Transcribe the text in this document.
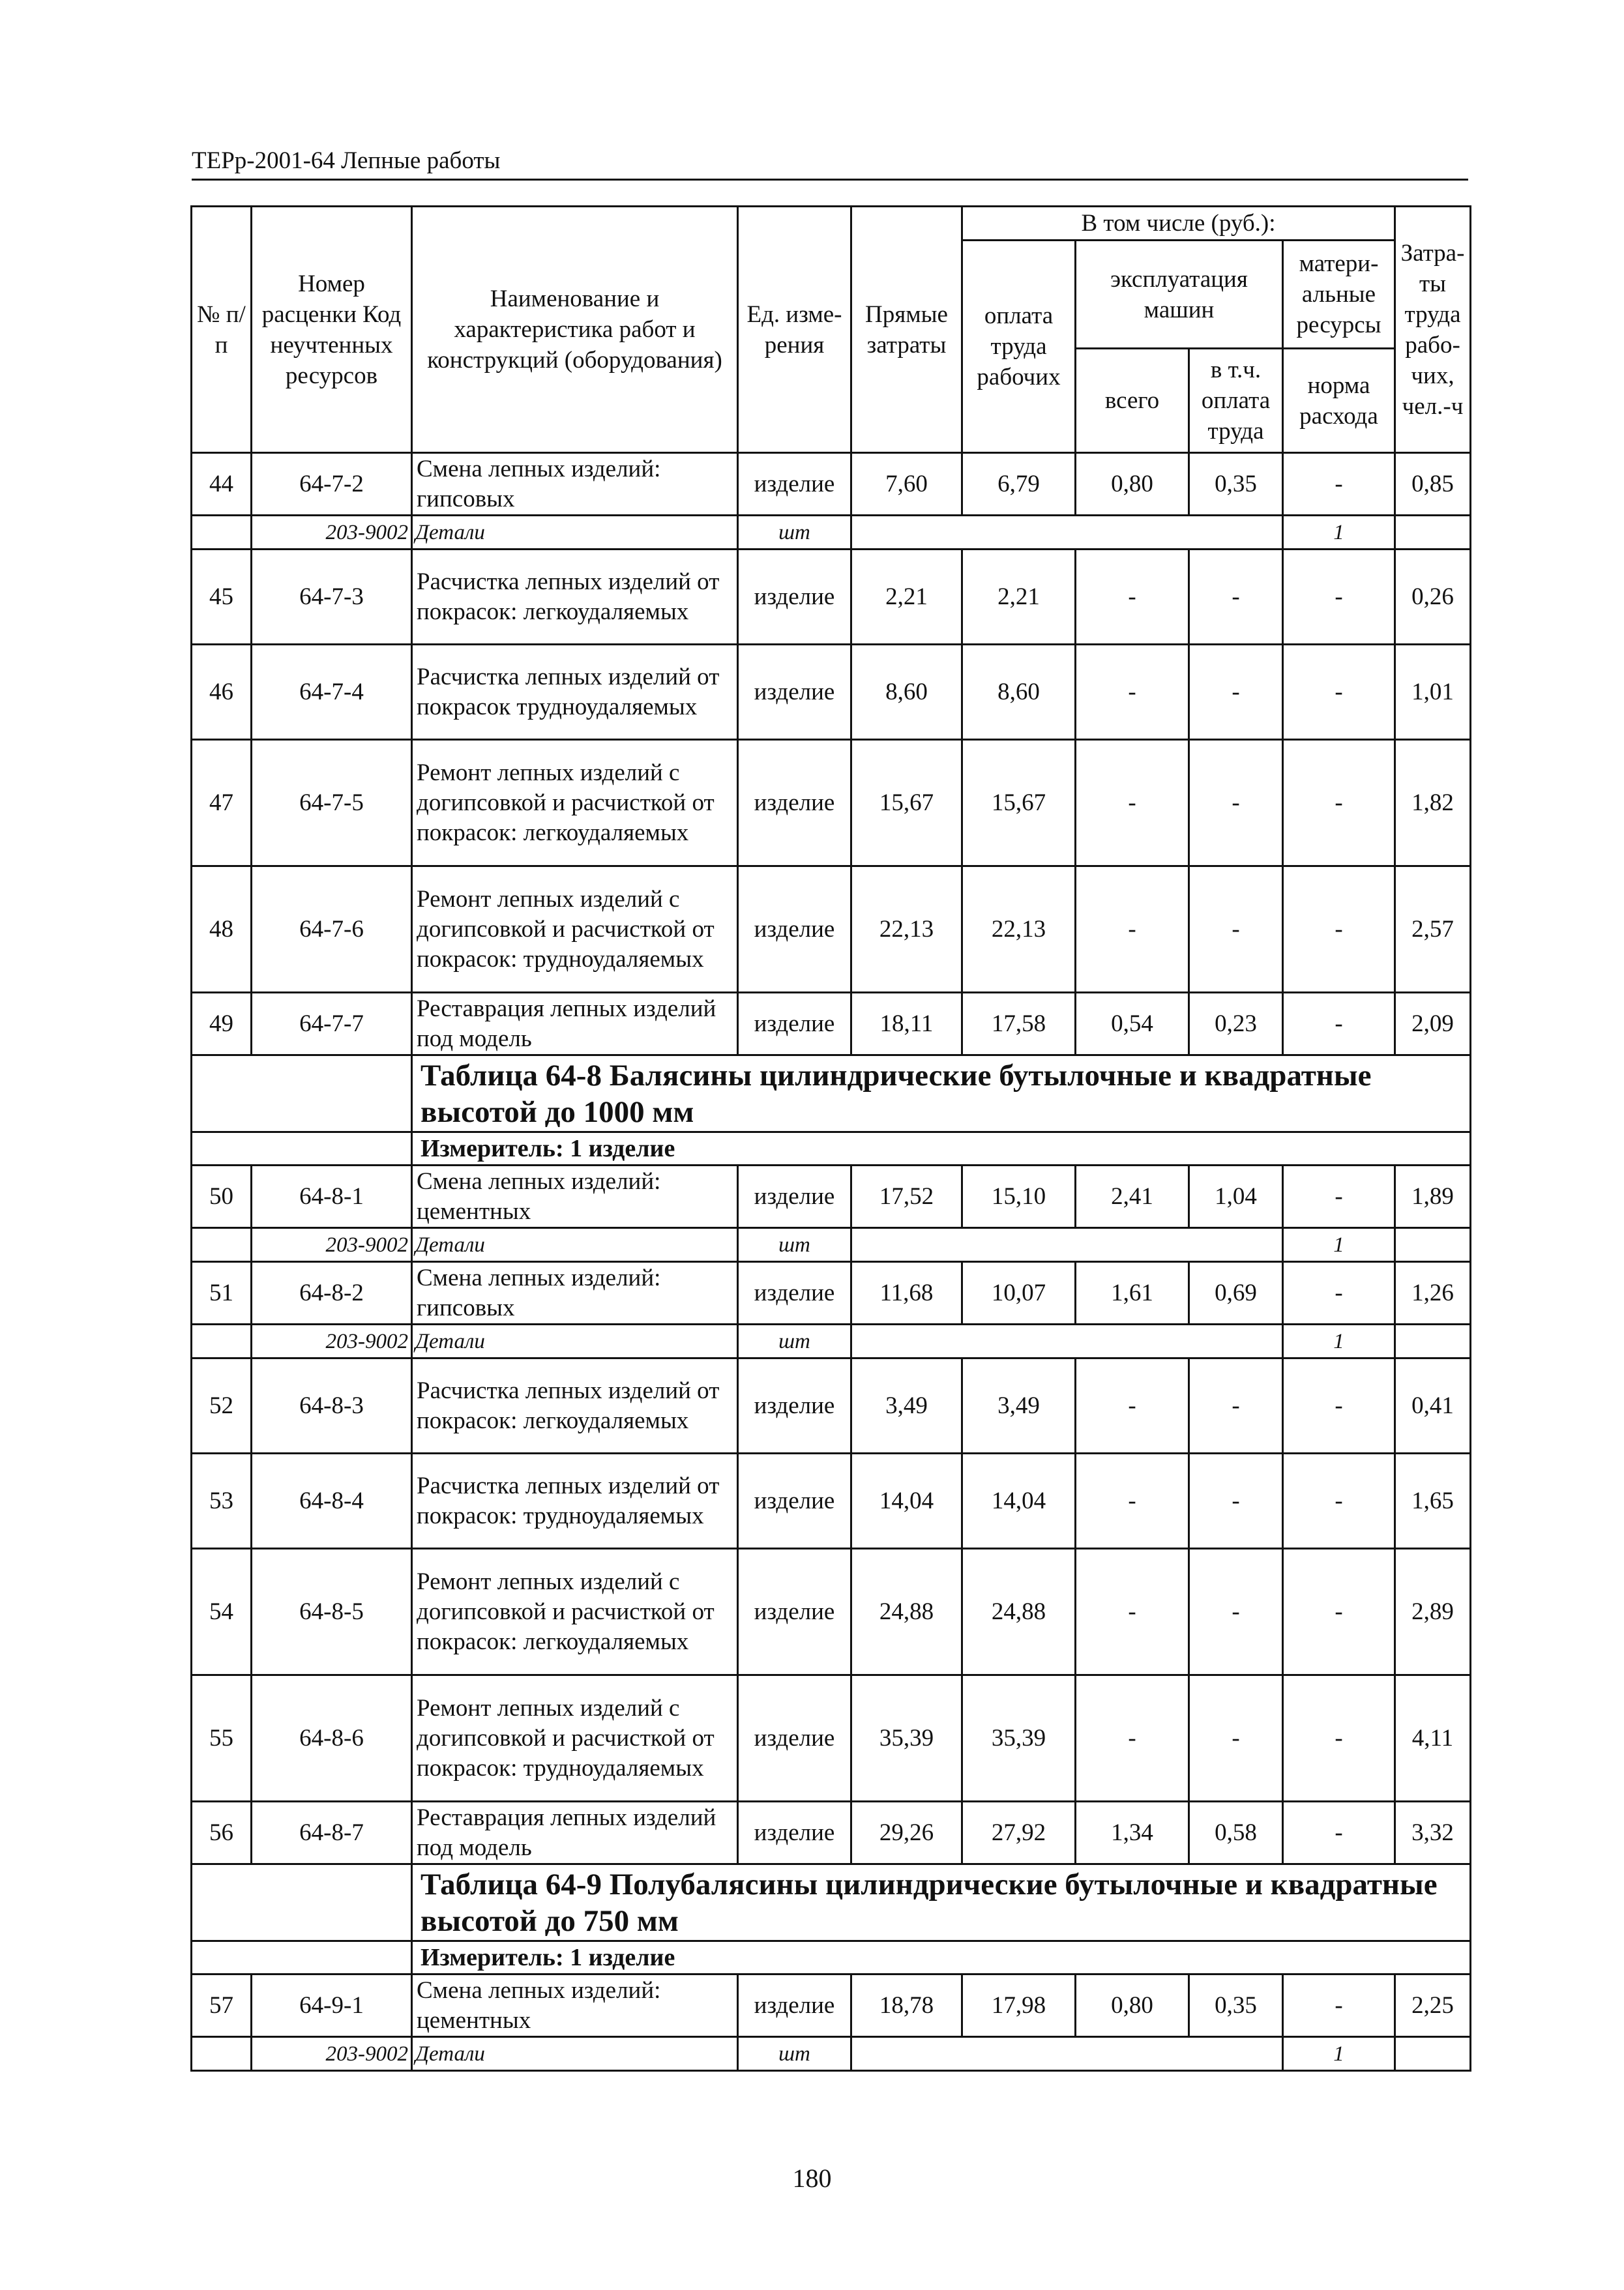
ТЕРр-2001-64 Лепные работы
№ п/п	Номер расценки Код неучтенных ресурсов	Наименование и характеристика работ и конструкций (оборудования)	Ед. изме-рения	Прямые затраты	В том числе (руб.):				Затра-ты труда рабо-чих, чел.-ч
					оплата труда рабочих	эксплуатация машин		матери-альные ресурсы	

						всего	в т.ч. оплата труда	норма расхода	
44	64-7-2	Смена лепных изделий: гипсовых	изделие	7,60	6,79	0,80	0,35	-	0,85
	203-9002	Детали	шт					1	
45	64-7-3	Расчистка лепных изделий от покрасок: легкоудаляемых	изделие	2,21	2,21	-	-	-	0,26
46	64-7-4	Расчистка лепных изделий от покрасок трудноудаляемых	изделие	8,60	8,60	-	-	-	1,01
47	64-7-5	Ремонт лепных изделий с догипсовкой и расчисткой от покрасок: легкоудаляемых	изделие	15,67	15,67	-	-	-	1,82
48	64-7-6	Ремонт лепных изделий с догипсовкой и расчисткой от покрасок: трудноудаляемых	изделие	22,13	22,13	-	-	-	2,57
49	64-7-7	Реставрация лепных изделий под модель	изделие	18,11	17,58	0,54	0,23	-	2,09
		Таблица 64-8 Балясины цилиндрические бутылочные и квадратные высотой до 1000 мм							
		Измеритель: 1 изделие							
50	64-8-1	Смена лепных изделий: цементных	изделие	17,52	15,10	2,41	1,04	-	1,89
	203-9002	Детали	шт					1	
51	64-8-2	Смена лепных изделий: гипсовых	изделие	11,68	10,07	1,61	0,69	-	1,26
	203-9002	Детали	шт					1	
52	64-8-3	Расчистка лепных изделий от покрасок: легкоудаляемых	изделие	3,49	3,49	-	-	-	0,41
53	64-8-4	Расчистка лепных изделий от покрасок: трудноудаляемых	изделие	14,04	14,04	-	-	-	1,65
54	64-8-5	Ремонт лепных изделий с догипсовкой и расчисткой от покрасок: легкоудаляемых	изделие	24,88	24,88	-	-	-	2,89
55	64-8-6	Ремонт лепных изделий с догипсовкой и расчисткой от покрасок: трудноудаляемых	изделие	35,39	35,39	-	-	-	4,11
56	64-8-7	Реставрация лепных изделий под модель	изделие	29,26	27,92	1,34	0,58	-	3,32
		Таблица 64-9 Полубалясины цилиндрические бутылочные и квадратные высотой до 750 мм							
		Измеритель: 1 изделие							
57	64-9-1	Смена лепных изделий: цементных	изделие	18,78	17,98	0,80	0,35	-	2,25
	203-9002	Детали	шт					1	
180
